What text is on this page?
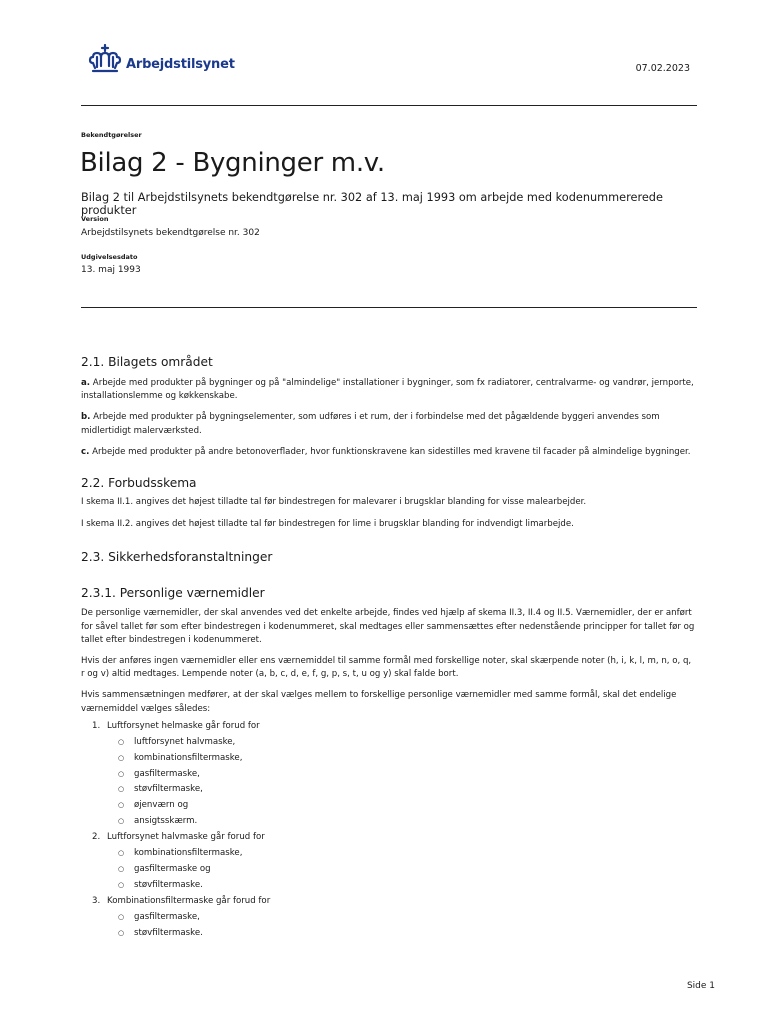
Arbejdstilsynet	07.02.2023
Bekendtgørelser
Bilag 2 - Bygninger m.v.

Bilag 2 til Arbejdstilsynets bekendtgørelse nr. 302 af 13. maj 1993 om arbejde med kodenummererede produkter

Version
Arbejdstilsynets bekendtgørelse nr. 302
Udgivelsesdato
13. maj 1993
2.1. Bilagets området

a. Arbejde med produkter på bygninger og på "almindelige" installationer i bygninger, som fx radiatorer, centralvarme- og vandrør, jernporte, installationslemme og køkkenskabe.

b. Arbejde med produkter på bygningselementer, som udføres i et rum, der i forbindelse med det pågældende byggeri anvendes som midlertidigt malerværksted.

c. Arbejde med produkter på andre betonoverflader, hvor funktionskravene kan sidestilles med kravene til facader på almindelige bygninger.

2.2. Forbudsskema

I skema II.1. angives det højest tilladte tal før bindestregen for malevarer i brugsklar blanding for visse malearbejder.

I skema II.2. angives det højest tilladte tal før bindestregen for lime i brugsklar blanding for indvendigt limarbejde.

2.3. Sikkerhedsforanstaltninger
2.3.1. Personlige værnemidler

De personlige værnemidler, der skal anvendes ved det enkelte arbejde, findes ved hjælp af skema II.3, II.4 og II.5. Værnemidler, der er anført for såvel tallet før som efter bindestregen i kodenummeret, skal medtages eller sammensættes efter nedenstående principper for tallet før og tallet efter bindestregen i kodenummeret.

Hvis der anføres ingen værnemidler eller ens værnemiddel til samme formål med forskellige noter, skal skærpende noter (h, i, k, l, m, n, o, q, r og v) altid medtages. Lempende noter (a, b, c, d, e, f, g, p, s, t, u og y) skal falde bort.

Hvis sammensætningen medfører, at der skal vælges mellem to forskellige personlige værnemidler med samme formål, skal det endelige værnemiddel vælges således:

1. Luftforsynet helmaske går forud for
○ luftforsynet halvmaske,
○ kombinationsfiltermaske,
○ gasfiltermaske,
○ støvfiltermaske,
○ øjenværn og
○ ansigtsskærm.
2. Luftforsynet halvmaske går forud for
○ kombinationsfiltermaske,
○ gasfiltermaske og
○ støvfiltermaske.
3. Kombinationsfiltermaske går forud for
○ gasfiltermaske,
○ støvfiltermaske.
Side 1
